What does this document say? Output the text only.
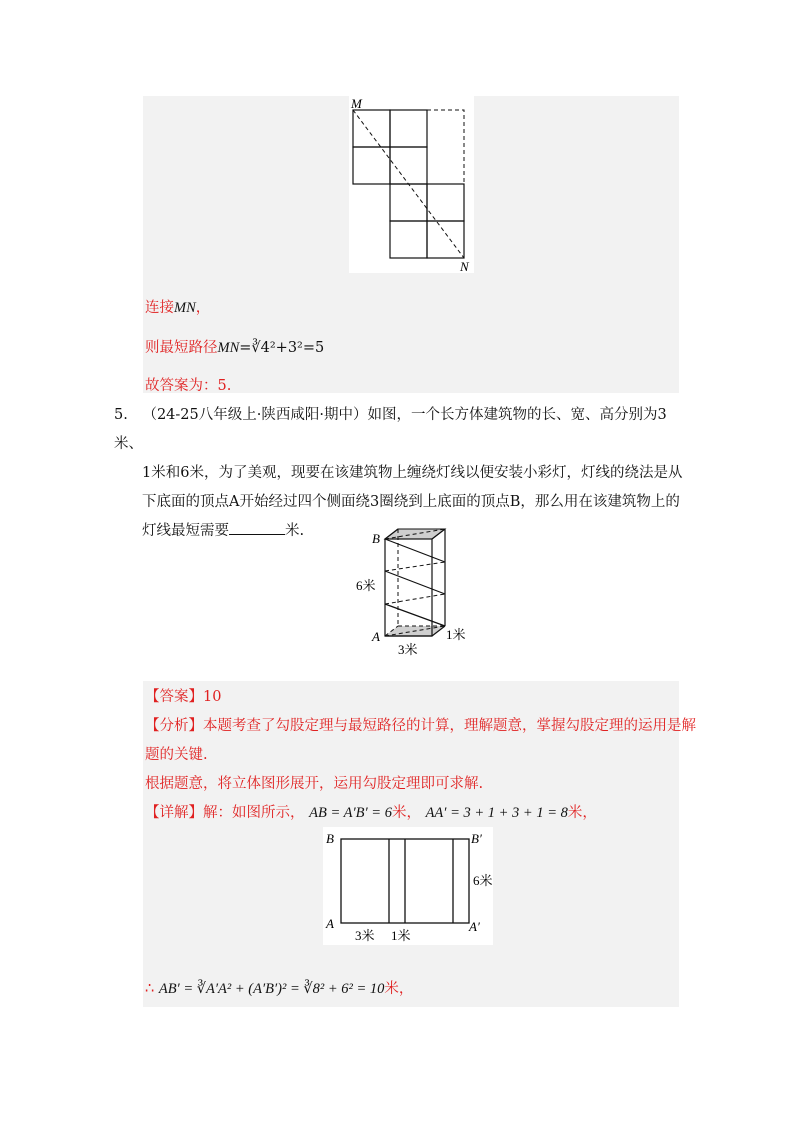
M
N
连接MN，
则最短路径MN=∛4²+3²=5
故答案为：5.
5. （24-25八年级上·陕西咸阳·期中）如图，一个长方体建筑物的长、宽、高分别为3米、
1米和6米，为了美观，现要在该建筑物上缠绕灯线以便安装小彩灯，灯线的绕法是从
下底面的顶点A开始经过四个侧面绕3圈绕到上底面的顶点B，那么用在该建筑物上的
灯线最短需要	米.	B
A
6米
3米
1米
【答案】10
【分析】本题考查了勾股定理与最短路径的计算，理解题意，掌握勾股定理的运用是解
题的关键.
根据题意，将立体图形展开，运用勾股定理即可求解.
【详解】解：如图所示， AB = A′B′ = 6米， AA′ = 3 + 1 + 3 + 1 = 8米，
B	B′
A	A′
6米
3米 1米
∴ AB′ = ∛A′A² + (A′B′)² = ∛8² + 6² = 10米，
